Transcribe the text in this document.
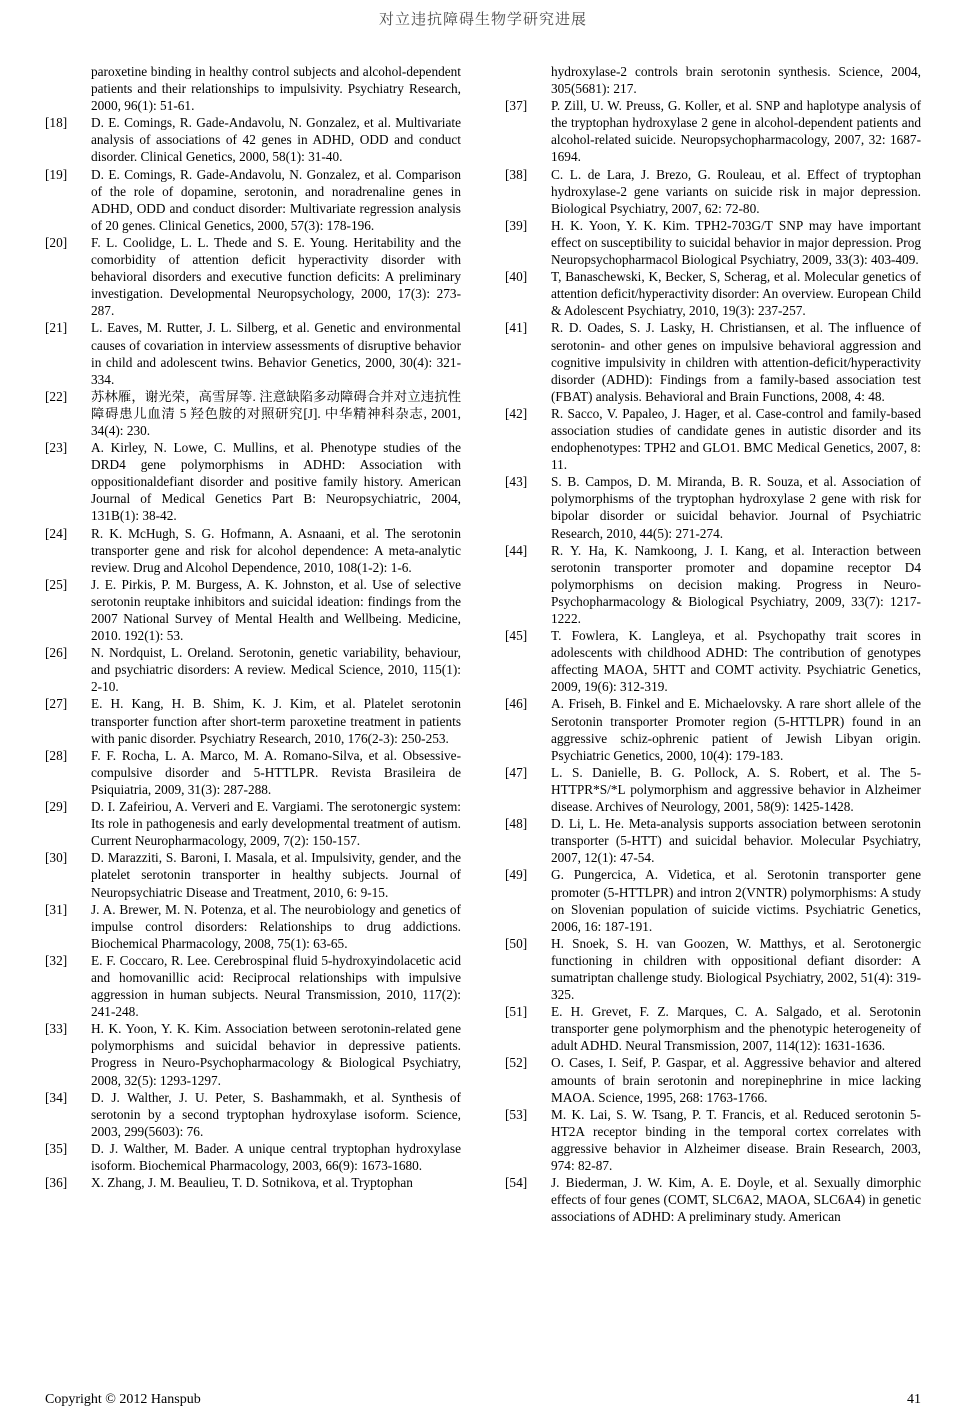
对立违抗障碍生物学研究进展
paroxetine binding in healthy control subjects and alcohol-dependent patients and their relationships to impulsivity. Psychiatry Research, 2000, 96(1): 51-61.
[18] D. E. Comings, R. Gade-Andavolu, N. Gonzalez, et al. Multivariate analysis of associations of 42 genes in ADHD, ODD and conduct disorder. Clinical Genetics, 2000, 58(1): 31-40.
[19] D. E. Comings, R. Gade-Andavolu, N. Gonzalez, et al. Comparison of the role of dopamine, serotonin, and noradrenaline genes in ADHD, ODD and conduct disorder: Multivariate regression analysis of 20 genes. Clinical Genetics, 2000, 57(3): 178-196.
[20] F. L. Coolidge, L. L. Thede and S. E. Young. Heritability and the comorbidity of attention deficit hyperactivity disorder with behavioral disorders and executive function deficits: A preliminary investigation. Developmental Neuropsychology, 2000, 17(3): 273-287.
[21] L. Eaves, M. Rutter, J. L. Silberg, et al. Genetic and environmental causes of covariation in interview assessments of disruptive behavior in child and adolescent twins. Behavior Genetics, 2000, 30(4): 321-334.
[22] 苏林雁，谢光荣，高雪屏等. 注意缺陷多动障碍合并对立违抗性障碍患儿血清 5 羟色胺的对照研究[J]. 中华精神科杂志, 2001, 34(4): 230.
[23] A. Kirley, N. Lowe, C. Mullins, et al. Phenotype studies of the DRD4 gene polymorphisms in ADHD: Association with oppositionaldefiant disorder and positive family history. American Journal of Medical Genetics Part B: Neuropsychiatric, 2004, 131B(1): 38-42.
[24] R. K. McHugh, S. G. Hofmann, A. Asnaani, et al. The serotonin transporter gene and risk for alcohol dependence: A meta-analytic review. Drug and Alcohol Dependence, 2010, 108(1-2): 1-6.
[25] J. E. Pirkis, P. M. Burgess, A. K. Johnston, et al. Use of selective serotonin reuptake inhibitors and suicidal ideation: findings from the 2007 National Survey of Mental Health and Wellbeing. Medicine, 2010. 192(1): 53.
[26] N. Nordquist, L. Oreland. Serotonin, genetic variability, behaviour, and psychiatric disorders: A review. Medical Science, 2010, 115(1): 2-10.
[27] E. H. Kang, H. B. Shim, K. J. Kim, et al. Platelet serotonin transporter function after short-term paroxetine treatment in patients with panic disorder. Psychiatry Research, 2010, 176(2-3): 250-253.
[28] F. F. Rocha, L. A. Marco, M. A. Romano-Silva, et al. Obsessive-compulsive disorder and 5-HTTLPR. Revista Brasileira de Psiquiatria, 2009, 31(3): 287-288.
[29] D. I. Zafeiriou, A. Ververi and E. Vargiami. The serotonergic system: Its role in pathogenesis and early developmental treatment of autism. Current Neuropharmacology, 2009, 7(2): 150-157.
[30] D. Marazziti, S. Baroni, I. Masala, et al. Impulsivity, gender, and the platelet serotonin transporter in healthy subjects. Journal of Neuropsychiatric Disease and Treatment, 2010, 6: 9-15.
[31] J. A. Brewer, M. N. Potenza, et al. The neurobiology and genetics of impulse control disorders: Relationships to drug addictions. Biochemical Pharmacology, 2008, 75(1): 63-65.
[32] E. F. Coccaro, R. Lee. Cerebrospinal fluid 5-hydroxyindolacetic acid and homovanillic acid: Reciprocal relationships with impulsive aggression in human subjects. Neural Transmission, 2010, 117(2): 241-248.
[33] H. K. Yoon, Y. K. Kim. Association between serotonin-related gene polymorphisms and suicidal behavior in depressive patients. Progress in Neuro-Psychopharmacology & Biological Psychiatry, 2008, 32(5): 1293-1297.
[34] D. J. Walther, J. U. Peter, S. Bashammakh, et al. Synthesis of serotonin by a second tryptophan hydroxylase isoform. Science, 2003, 299(5603): 76.
[35] D. J. Walther, M. Bader. A unique central tryptophan hydroxylase isoform. Biochemical Pharmacology, 2003, 66(9): 1673-1680.
[36] X. Zhang, J. M. Beaulieu, T. D. Sotnikova, et al. Tryptophan
hydroxylase-2 controls brain serotonin synthesis. Science, 2004, 305(5681): 217.
[37] P. Zill, U. W. Preuss, G. Koller, et al. SNP and haplotype analysis of the tryptophan hydroxylase 2 gene in alcohol-dependent patients and alcohol-related suicide. Neuropsychopharmacology, 2007, 32: 1687-1694.
[38] C. L. de Lara, J. Brezo, G. Rouleau, et al. Effect of tryptophan hydroxylase-2 gene variants on suicide risk in major depression. Biological Psychiatry, 2007, 62: 72-80.
[39] H. K. Yoon, Y. K. Kim. TPH2-703G/T SNP may have important effect on susceptibility to suicidal behavior in major depression. Prog Neuropsychopharmacol Biological Psychiatry, 2009, 33(3): 403-409.
[40] T, Banaschewski, K, Becker, S, Scherag, et al. Molecular genetics of attention deficit/hyperactivity disorder: An overview. European Child & Adolescent Psychiatry, 2010, 19(3): 237-257.
[41] R. D. Oades, S. J. Lasky, H. Christiansen, et al. The influence of serotonin- and other genes on impulsive behavioral aggression and cognitive impulsivity in children with attention-deficit/hyperactivity disorder (ADHD): Findings from a family-based association test (FBAT) analysis. Behavioral and Brain Functions, 2008, 4: 48.
[42] R. Sacco, V. Papaleo, J. Hager, et al. Case-control and family-based association studies of candidate genes in autistic disorder and its endophenotypes: TPH2 and GLO1. BMC Medical Genetics, 2007, 8: 11.
[43] S. B. Campos, D. M. Miranda, B. R. Souza, et al. Association of polymorphisms of the tryptophan hydroxylase 2 gene with risk for bipolar disorder or suicidal behavior. Journal of Psychiatric Research, 2010, 44(5): 271-274.
[44] R. Y. Ha, K. Namkoong, J. I. Kang, et al. Interaction between serotonin transporter promoter and dopamine receptor D4 polymorphisms on decision making. Progress in Neuro-Psychopharmacology & Biological Psychiatry, 2009, 33(7): 1217-1222.
[45] T. Fowlera, K. Langleya, et al. Psychopathy trait scores in adolescents with childhood ADHD: The contribution of genotypes affecting MAOA, 5HTT and COMT activity. Psychiatric Genetics, 2009, 19(6): 312-319.
[46] A. Friseh, B. Finkel and E. Michaelovsky. A rare short allele of the Serotonin transporter Promoter region (5-HTTLPR) found in an aggressive schiz-ophrenic patient of Jewish Libyan origin. Psychiatric Genetics, 2000, 10(4): 179-183.
[47] L. S. Danielle, B. G. Pollock, A. S. Robert, et al. The 5-HTTPR*S/*L polymorphism and aggressive behavior in Alzheimer disease. Archives of Neurology, 2001, 58(9): 1425-1428.
[48] D. Li, L. He. Meta-analysis supports association between serotonin transporter (5-HTT) and suicidal behavior. Molecular Psychiatry, 2007, 12(1): 47-54.
[49] G. Pungercica, A. Videtica, et al. Serotonin transporter gene promoter (5-HTTLPR) and intron 2(VNTR) polymorphisms: A study on Slovenian population of suicide victims. Psychiatric Genetics, 2006, 16: 187-191.
[50] H. Snoek, S. H. van Goozen, W. Matthys, et al. Serotonergic functioning in children with oppositional defiant disorder: A sumatriptan challenge study. Biological Psychiatry, 2002, 51(4): 319-325.
[51] E. H. Grevet, F. Z. Marques, C. A. Salgado, et al. Serotonin transporter gene polymorphism and the phenotypic heterogeneity of adult ADHD. Neural Transmission, 2007, 114(12): 1631-1636.
[52] O. Cases, I. Seif, P. Gaspar, et al. Aggressive behavior and altered amounts of brain serotonin and norepinephrine in mice lacking MAOA. Science, 1995, 268: 1763-1766.
[53] M. K. Lai, S. W. Tsang, P. T. Francis, et al. Reduced serotonin 5-HT2A receptor binding in the temporal cortex correlates with aggressive behavior in Alzheimer disease. Brain Research, 2003, 974: 82-87.
[54] J. Biederman, J. W. Kim, A. E. Doyle, et al. Sexually dimorphic effects of four genes (COMT, SLC6A2, MAOA, SLC6A4) in genetic associations of ADHD: A preliminary study. American
Copyright © 2012 Hanspub	41
